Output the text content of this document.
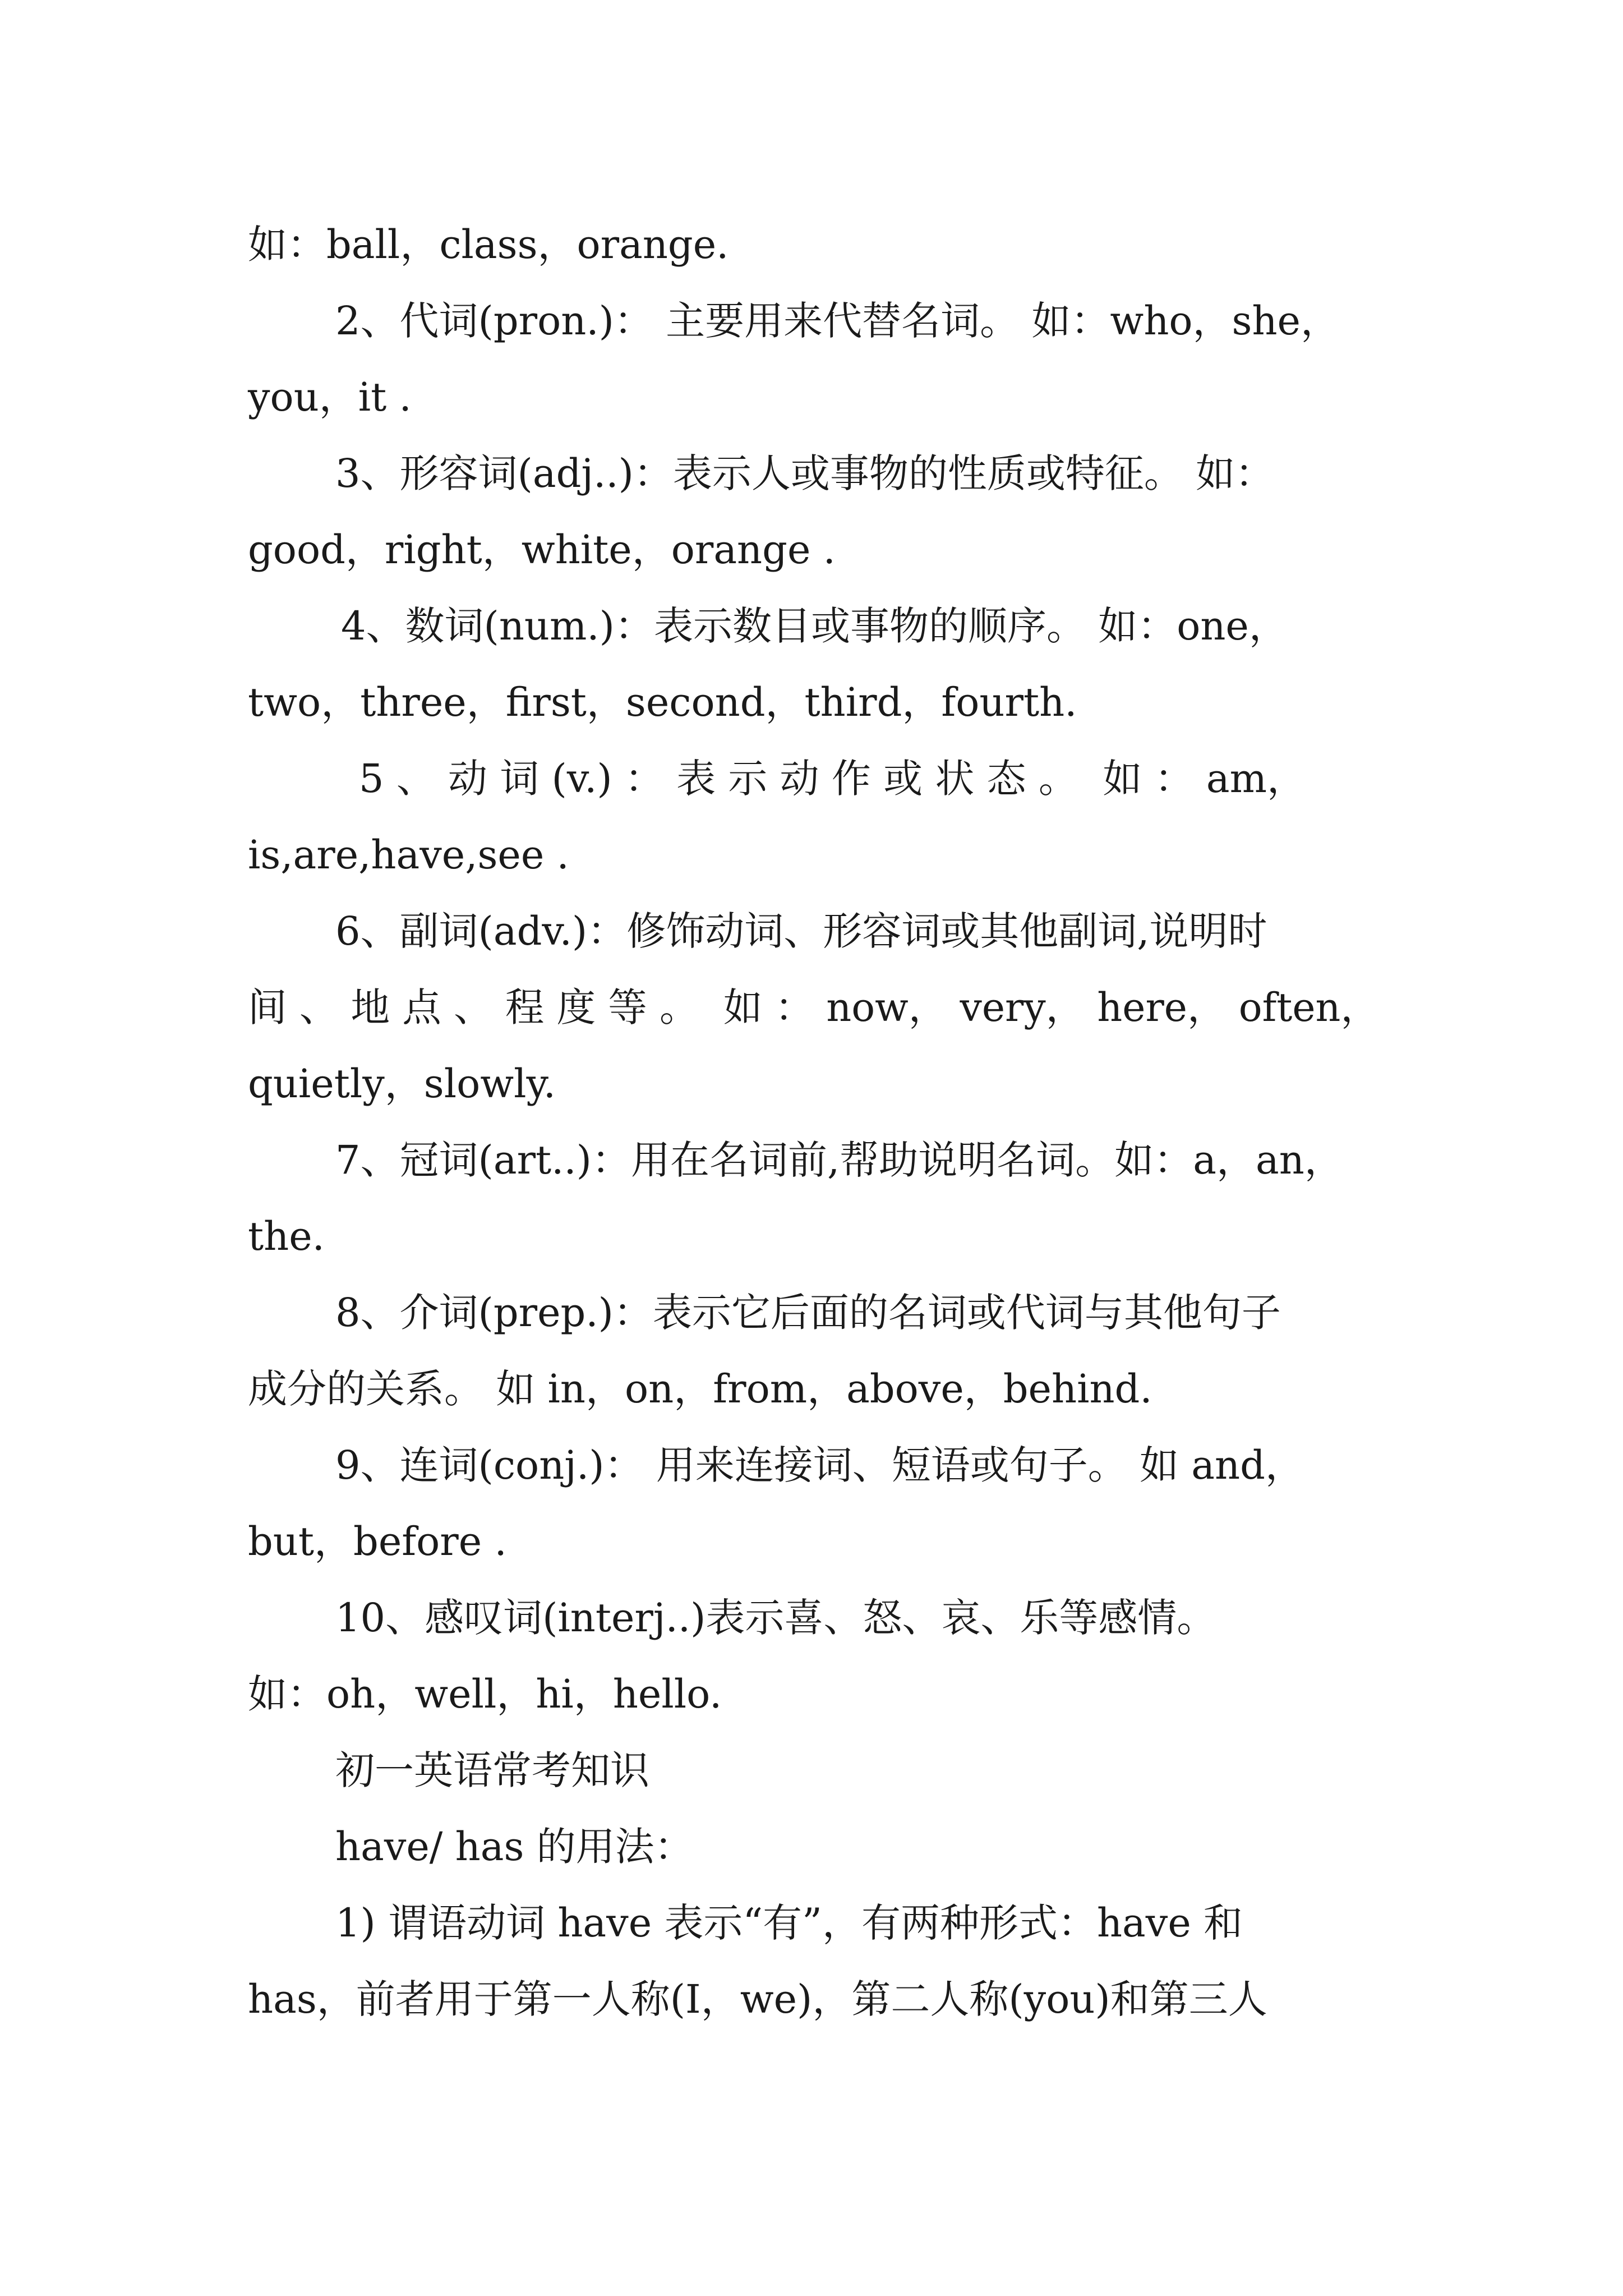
如：ball，class，orange.
2、代词(pron.)： 主要用来代替名词。 如：who，she，
you，it .
3、形容词(adj..)：表示人或事物的性质或特征。 如：
good，right，white，orange .
4、数词(num.)：表示数目或事物的顺序。 如：one，
two，three，first，second，third，fourth.
5 、 动 词 (v.) ： 表 示 动 作 或 状 态 。  如 ： am，
is,are,have,see .
6、副词(adv.)：修饰动词、形容词或其他副词,说明时
间 、 地 点 、 程 度 等 。  如 ： now， very， here， often，
quietly，slowly.
7、冠词(art..)：用在名词前,帮助说明名词。如：a，an，
the.
8、介词(prep.)：表示它后面的名词或代词与其他句子
成分的关系。 如 in，on，from，above，behind.
9、连词(conj.)： 用来连接词、短语或句子。 如 and，
but，before .
10、感叹词(interj..)表示喜、怒、哀、乐等感情。
如：oh，well，hi，hello.
初一英语常考知识
have/ has 的用法：
1) 谓语动词 have 表示“有”，有两种形式：have 和
has，前者用于第一人称(I，we)，第二人称(you)和第三人
